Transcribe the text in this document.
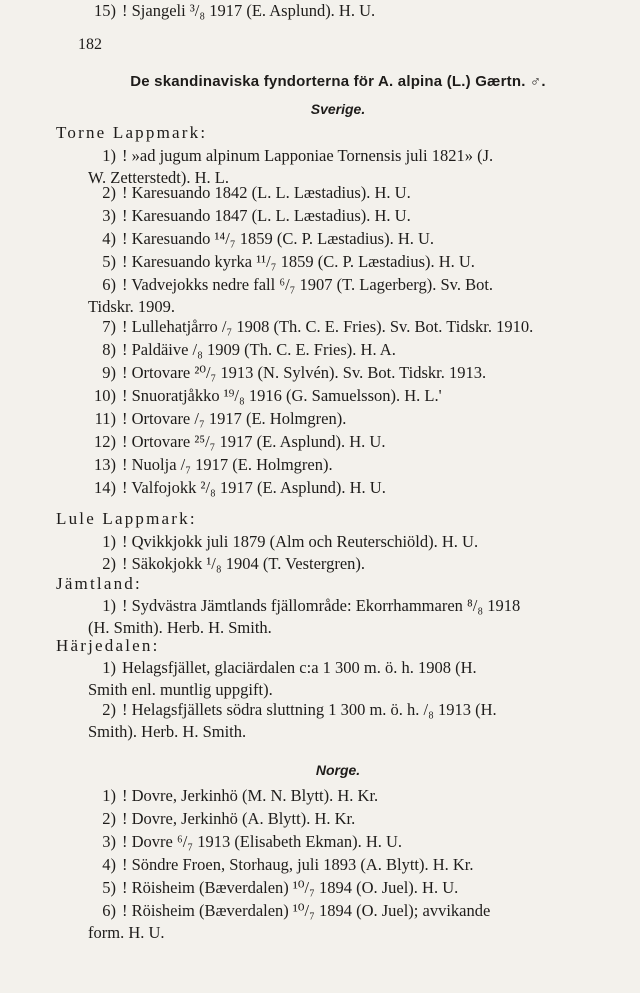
182
De skandinaviska fyndorterna för A. alpina (L.) Gærtn. ♂.
Sverige.
Torne Lappmark:
1) ! »ad jugum alpinum Lapponiae Tornensis juli 1821» (J.
W. Zetterstedt). H. L.
2) ! Karesuando 1842 (L. L. Læstadius). H. U.
3) ! Karesuando 1847 (L. L. Læstadius). H. U.
4) ! Karesuando ¹⁴/₇ 1859 (C. P. Læstadius). H. U.
5) ! Karesuando kyrka ¹¹/₇ 1859 (C. P. Læstadius). H. U.
6) ! Vadvejokks nedre fall ⁶/₇ 1907 (T. Lagerberg). Sv. Bot.
Tidskr. 1909.
7) ! Lullehatjårro /₇ 1908 (Th. C. E. Fries). Sv. Bot. Tidskr. 1910.
8) ! Paldäive /₈ 1909 (Th. C. E. Fries). H. A.
9) ! Ortovare ²⁰/₇ 1913 (N. Sylvén). Sv. Bot. Tidskr. 1913.
10) ! Snuoratjåkko ¹⁹/₈ 1916 (G. Samuelsson). H. L.'
11) ! Ortovare /₇ 1917 (E. Holmgren).
12) ! Ortovare ²⁵/₇ 1917 (E. Asplund). H. U.
13) ! Nuolja /₇ 1917 (E. Holmgren).
14) ! Valfojokk ²/₈ 1917 (E. Asplund). H. U.
15) ! Sjangeli ³/₈ 1917 (E. Asplund). H. U.
Lule Lappmark:
1) ! Qvikkjokk juli 1879 (Alm och Reuterschiöld). H. U.
2) ! Säkokjokk ¹/₈ 1904 (T. Vestergren).
Jämtland:
1) ! Sydvästra Jämtlands fjällområde: Ekorrhammaren ⁸/₈ 1918
(H. Smith). Herb. H. Smith.
Härjedalen:
1) Helagsfjället, glaciärdalen c:a 1 300 m. ö. h. 1908 (H.
Smith enl. muntlig uppgift).
2) ! Helagsfjällets södra sluttning 1 300 m. ö. h. /₈ 1913 (H.
Smith). Herb. H. Smith.
Norge.
1) ! Dovre, Jerkinhö (M. N. Blytt). H. Kr.
2) ! Dovre, Jerkinhö (A. Blytt). H. Kr.
3) ! Dovre ⁶/₇ 1913 (Elisabeth Ekman). H. U.
4) ! Söndre Froen, Storhaug, juli 1893 (A. Blytt). H. Kr.
5) ! Röisheim (Bæverdalen) ¹⁰/₇ 1894 (O. Juel). H. U.
6) ! Röisheim (Bæverdalen) ¹⁰/₇ 1894 (O. Juel); avvikande
form. H. U.
